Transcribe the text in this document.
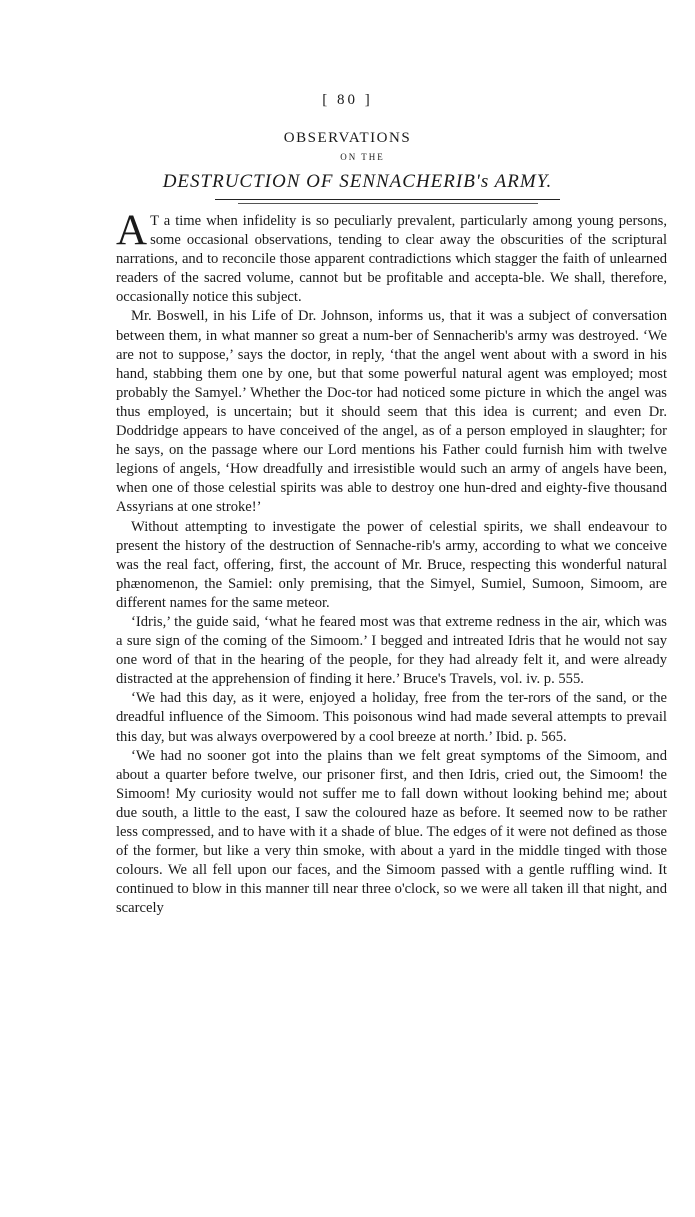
[ 80 ]
OBSERVATIONS
ON THE
DESTRUCTION OF SENNACHERIB's ARMY.

A T a time when infidelity is so peculiarly prevalent, particularly among young persons, some occasional observations, tending to clear away the obscurities of the scriptural narrations, and to reconcile those apparent contradictions which stagger the faith of unlearned readers of the sacred volume, cannot but be profitable and accepta-ble. We shall, therefore, occasionally notice this subject.

Mr. Boswell, in his Life of Dr. Johnson, informs us, that it was a subject of conversation between them, in what manner so great a num-ber of Sennacherib's army was destroyed. ‘We are not to suppose,’ says the doctor, in reply, ‘that the angel went about with a sword in his hand, stabbing them one by one, but that some powerful natural agent was employed; most probably the Samyel.’ Whether the Doc-tor had noticed some picture in which the angel was thus employed, is uncertain; but it should seem that this idea is current; and even Dr. Doddridge appears to have conceived of the angel, as of a person employed in slaughter; for he says, on the passage where our Lord mentions his Father could furnish him with twelve legions of angels, ‘How dreadfully and irresistible would such an army of angels have been, when one of those celestial spirits was able to destroy one hun-dred and eighty-five thousand Assyrians at one stroke!’

Without attempting to investigate the power of celestial spirits, we shall endeavour to present the history of the destruction of Sennache-rib's army, according to what we conceive was the real fact, offering, first, the account of Mr. Bruce, respecting this wonderful natural phænomenon, the Samiel: only premising, that the Simyel, Sumiel, Sumoon, Simoom, are different names for the same meteor.

‘Idris,’ the guide said, ‘what he feared most was that extreme redness in the air, which was a sure sign of the coming of the Simoom.’ I begged and intreated Idris that he would not say one word of that in the hearing of the people, for they had already felt it, and were already distracted at the apprehension of finding it here.’ Bruce's Travels, vol. iv. p. 555.

‘We had this day, as it were, enjoyed a holiday, free from the ter-rors of the sand, or the dreadful influence of the Simoom. This poisonous wind had made several attempts to prevail this day, but was always overpowered by a cool breeze at north.’ Ibid. p. 565.

‘We had no sooner got into the plains than we felt great symptoms of the Simoom, and about a quarter before twelve, our prisoner first, and then Idris, cried out, the Simoom! the Simoom! My curiosity would not suffer me to fall down without looking behind me; about due south, a little to the east, I saw the coloured haze as before. It seemed now to be rather less compressed, and to have with it a shade of blue. The edges of it were not defined as those of the former, but like a very thin smoke, with about a yard in the middle tinged with those colours. We all fell upon our faces, and the Simoom passed with a gentle ruffling wind. It continued to blow in this manner till near three o'clock, so we were all taken ill that night, and scarcely
